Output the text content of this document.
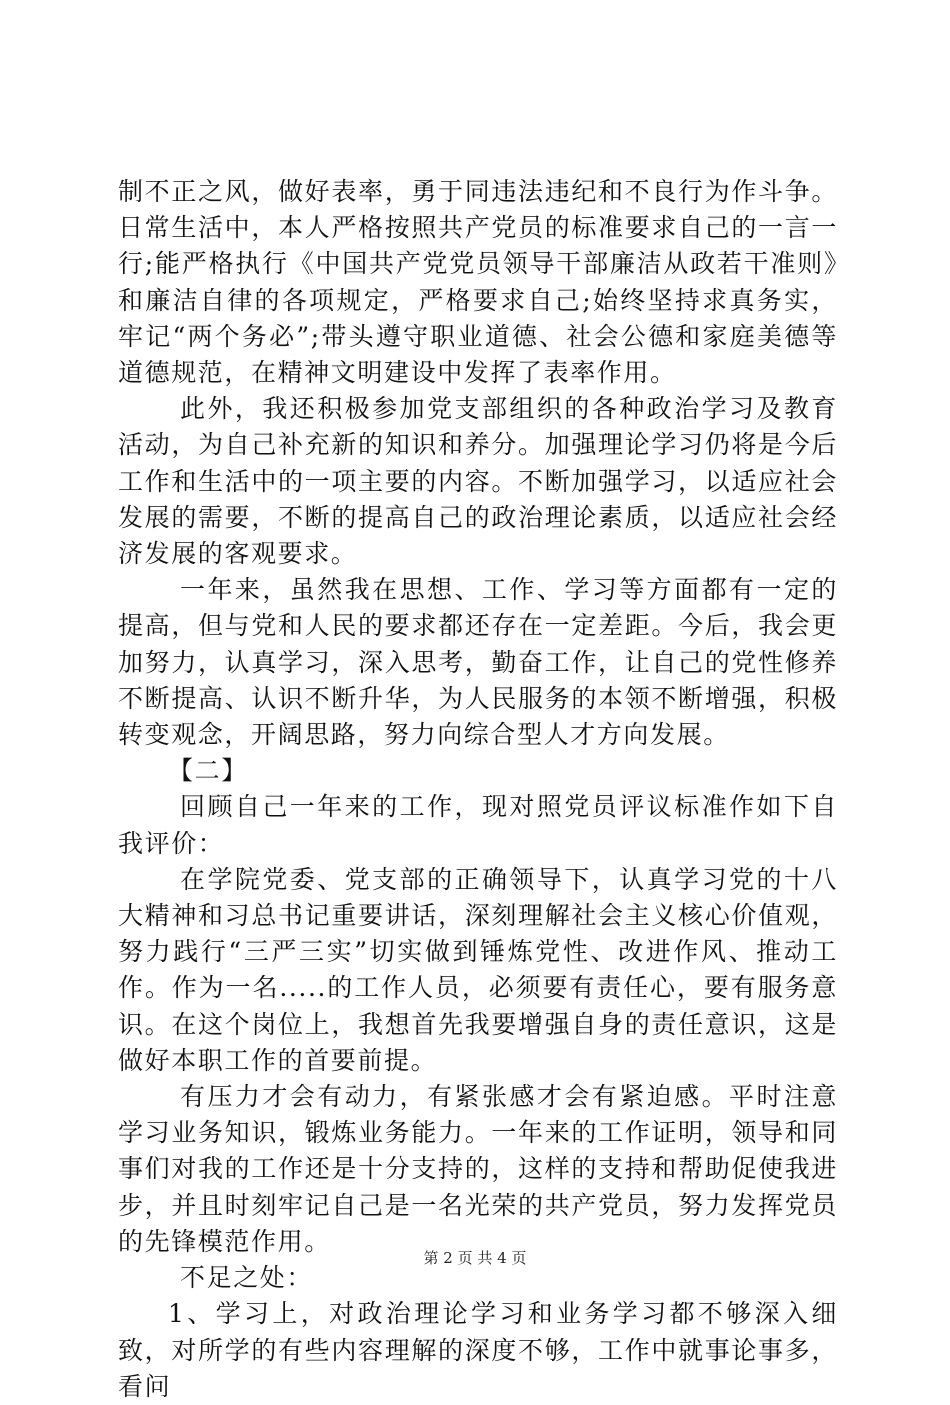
制不正之风，做好表率，勇于同违法违纪和不良行为作斗争。日常生活中，本人严格按照共产党员的标准要求自己的一言一行;能严格执行《中国共产党党员领导干部廉洁从政若干准则》和廉洁自律的各项规定，严格要求自己;始终坚持求真务实，牢记“两个务必”;带头遵守职业道德、社会公德和家庭美德等道德规范，在精神文明建设中发挥了表率作用。

此外，我还积极参加党支部组织的各种政治学习及教育活动，为自己补充新的知识和养分。加强理论学习仍将是今后工作和生活中的一项主要的内容。不断加强学习，以适应社会发展的需要，不断的提高自己的政治理论素质，以适应社会经济发展的客观要求。

一年来，虽然我在思想、工作、学习等方面都有一定的提高，但与党和人民的要求都还存在一定差距。今后，我会更加努力，认真学习，深入思考，勤奋工作，让自己的党性修养不断提高、认识不断升华，为人民服务的本领不断增强，积极转变观念，开阔思路，努力向综合型人才方向发展。

【二】

回顾自己一年来的工作，现对照党员评议标准作如下自我评价：

在学院党委、党支部的正确领导下，认真学习党的十八大精神和习总书记重要讲话，深刻理解社会主义核心价值观，努力践行“三严三实”切实做到锤炼党性、改进作风、推动工作。作为一名.....的工作人员，必须要有责任心，要有服务意识。在这个岗位上，我想首先我要增强自身的责任意识，这是做好本职工作的首要前提。

有压力才会有动力，有紧张感才会有紧迫感。平时注意学习业务知识，锻炼业务能力。一年来的工作证明，领导和同事们对我的工作还是十分支持的，这样的支持和帮助促使我进步，并且时刻牢记自己是一名光荣的共产党员，努力发挥党员的先锋模范作用。

不足之处：

1、学习上，对政治理论学习和业务学习都不够深入细致，对所学的有些内容理解的深度不够，工作中就事论事多，看问

第 2 页 共 4 页
